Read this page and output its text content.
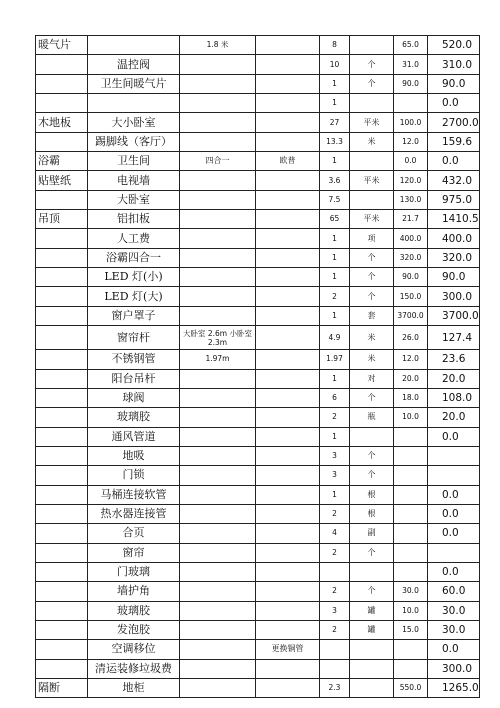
暖气片		1.8 米		8		65.0	520.0
	温控阀			10	个	31.0	310.0
	卫生间暖气片			1	个	90.0	90.0
				1			0.0
木地板	大小卧室			27	平米	100.0	2700.0
	踢脚线（客厅）			13.3	米	12.0	159.6
浴霸	卫生间	四合一	欧普	1		0.0	0.0
贴壁纸	电视墙			3.6	平米	120.0	432.0
	大卧室			7.5		130.0	975.0
吊顶	铝扣板			65	平米	21.7	1410.5
	人工费			1	项	400.0	400.0
	浴霸四合一			1	个	320.0	320.0
	LED 灯(小)			1	个	90.0	90.0
	LED 灯(大)			2	个	150.0	300.0
	窗户罩子			1	套	3700.0	3700.0
	窗帘杆	大卧室 2.6m 小卧室 2.3m		4.9	米	26.0	127.4
	不锈钢管	1.97m		1.97	米	12.0	23.6
	阳台吊杆			1	对	20.0	20.0
	球阀			6	个	18.0	108.0
	玻璃胶			2	瓶	10.0	20.0
	通风管道			1			0.0
	地吸			3	个		
	门锁			3	个		
	马桶连接软管			1	根		0.0
	热水器连接管			2	根		0.0
	合页			4	副		0.0
	窗帘			2	个		
	门玻璃						0.0
	墙护角			2	个	30.0	60.0
	玻璃胶			3	罐	10.0	30.0
	发泡胶			2	罐	15.0	30.0
	空调移位		更换铜管				0.0
	清运装修垃圾费						300.0
隔断	地柜			2.3		550.0	1265.0
